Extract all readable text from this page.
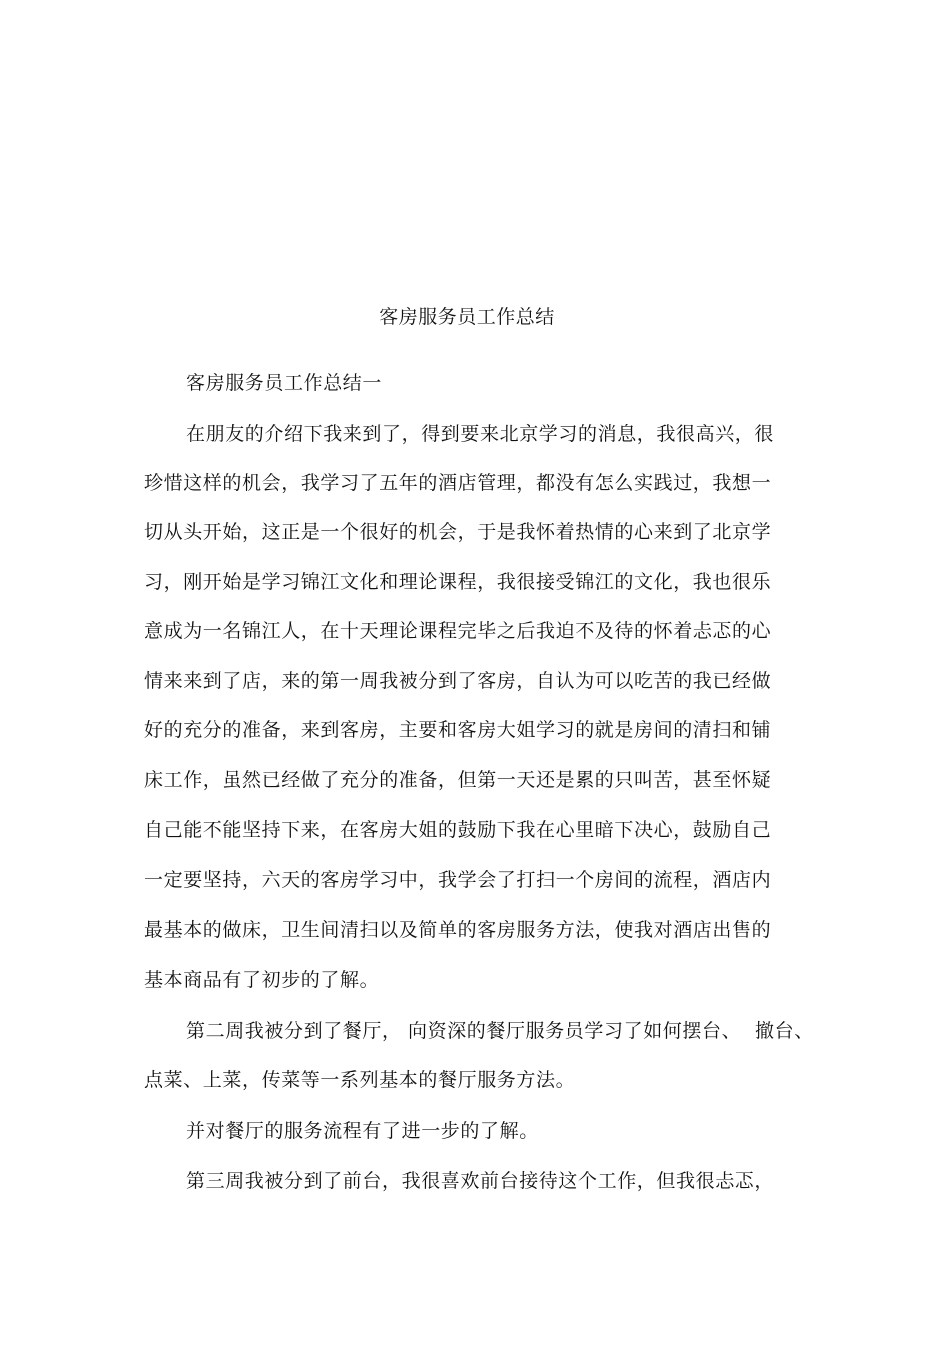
客房服务员工作总结
客房服务员工作总结一
在朋友的介绍下我来到了，得到要来北京学习的消息，我很高兴，很
珍惜这样的机会，我学习了五年的酒店管理，都没有怎么实践过，我想一
切从头开始，这正是一个很好的机会，于是我怀着热情的心来到了北京学
习，刚开始是学习锦江文化和理论课程，我很接受锦江的文化，我也很乐
意成为一名锦江人，在十天理论课程完毕之后我迫不及待的怀着忐忑的心
情来来到了店，来的第一周我被分到了客房，自认为可以吃苦的我已经做
好的充分的准备，来到客房，主要和客房大姐学习的就是房间的清扫和铺
床工作，虽然已经做了充分的准备，但第一天还是累的只叫苦，甚至怀疑
自己能不能坚持下来，在客房大姐的鼓励下我在心里暗下决心，鼓励自己
一定要坚持，六天的客房学习中，我学会了打扫一个房间的流程，酒店内
最基本的做床，卫生间清扫以及简单的客房服务方法，使我对酒店出售的
基本商品有了初步的了解。
第二周我被分到了餐厅， 向资深的餐厅服务员学习了如何摆台、 撤台、
点菜、上菜，传菜等一系列基本的餐厅服务方法。
并对餐厅的服务流程有了进一步的了解。
第三周我被分到了前台，我很喜欢前台接待这个工作，但我很忐忑，
